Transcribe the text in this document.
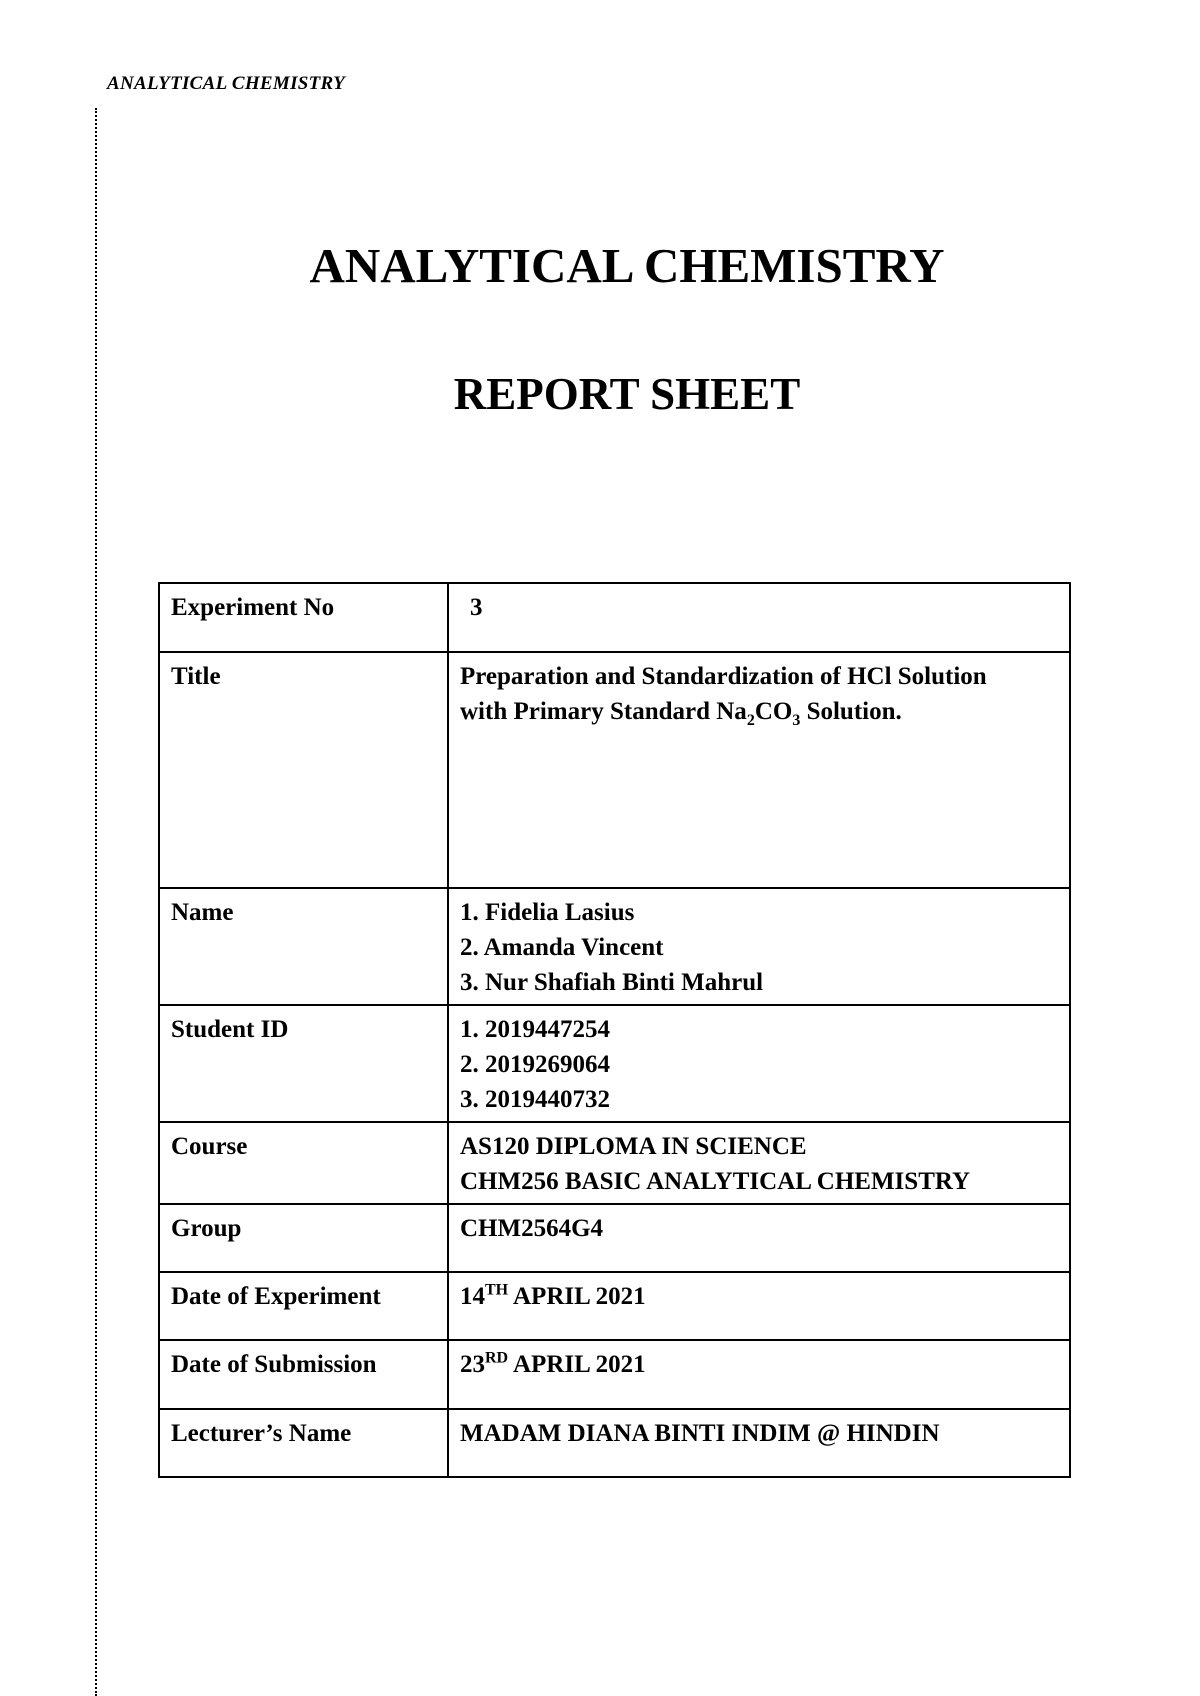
ANALYTICAL CHEMISTRY
ANALYTICAL CHEMISTRY
REPORT SHEET
Experiment No	3
Title	Preparation and Standardization of HCl Solution
with Primary Standard $Na_2CO_3$ Solution.

Name	1. Fidelia Lasius
2. Amanda Vincent
3. Nur Shafiah Binti Mahrul

Student ID	1. 2019447254
2. 2019269064
3. 2019440732

Course	AS120 DIPLOMA IN SCIENCE
CHM256 BASIC ANALYTICAL CHEMISTRY

Group	CHM2564G4
Date of Experiment	14TH APRIL 2021
Date of Submission	23RD APRIL 2021
Lecturer’s Name	MADAM DIANA BINTI INDIM @ HINDIN
